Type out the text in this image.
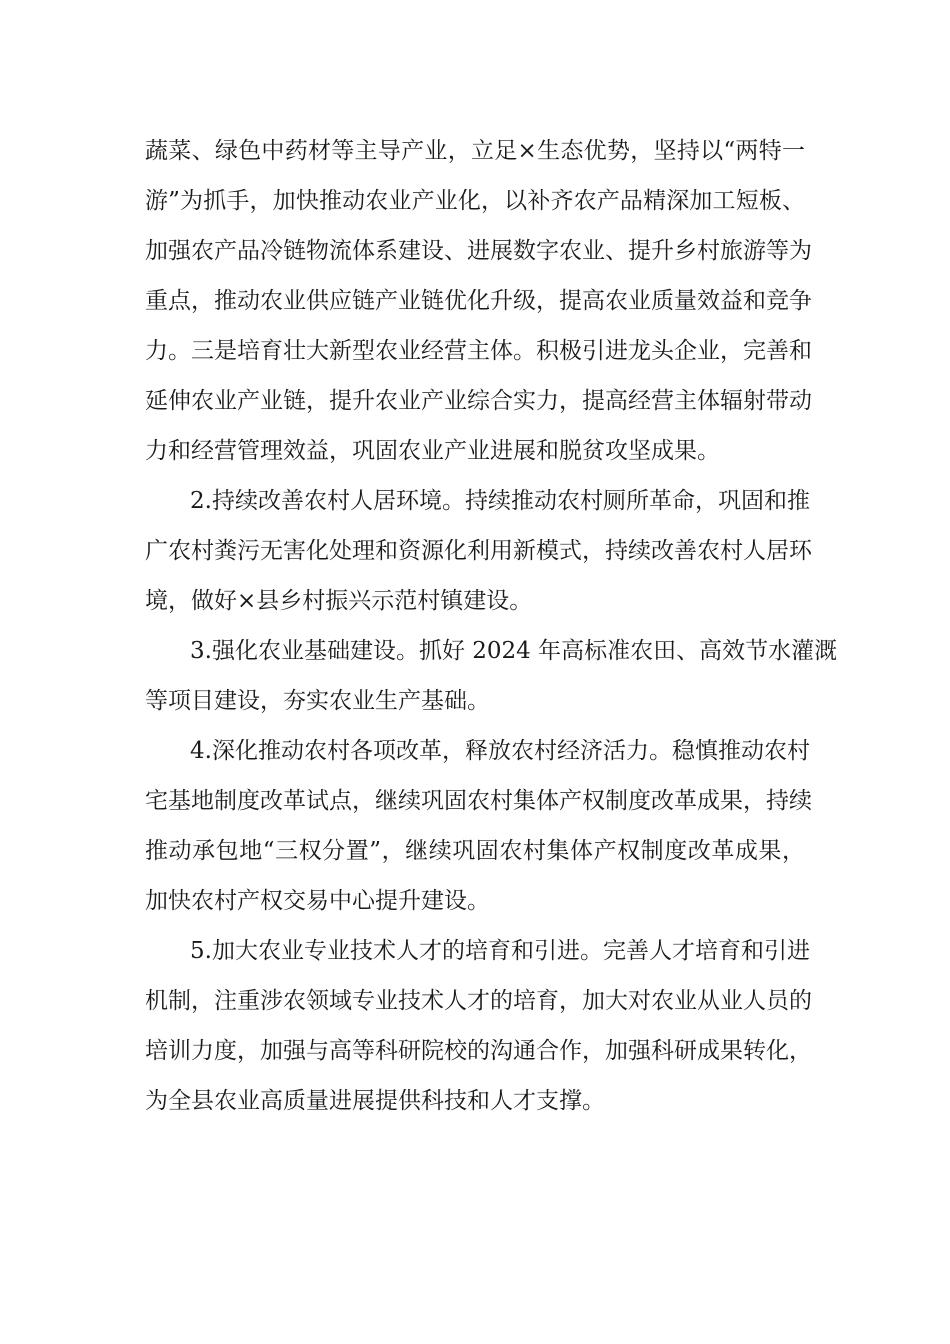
蔬菜、绿色中药材等主导产业，立足×生态优势，坚持以“两特一
游”为抓手，加快推动农业产业化，以补齐农产品精深加工短板、
加强农产品冷链物流体系建设、进展数字农业、提升乡村旅游等为
重点，推动农业供应链产业链优化升级，提高农业质量效益和竞争
力。三是培育壮大新型农业经营主体。积极引进龙头企业，完善和
延伸农业产业链，提升农业产业综合实力，提高经营主体辐射带动
力和经营管理效益，巩固农业产业进展和脱贫攻坚成果。
2.持续改善农村人居环境。持续推动农村厕所革命，巩固和推
广农村粪污无害化处理和资源化利用新模式，持续改善农村人居环
境，做好×县乡村振兴示范村镇建设。
3.强化农业基础建设。抓好 2024 年高标准农田、高效节水灌溉
等项目建设，夯实农业生产基础。
4.深化推动农村各项改革，释放农村经济活力。稳慎推动农村
宅基地制度改革试点，继续巩固农村集体产权制度改革成果，持续
推动承包地“三权分置”，继续巩固农村集体产权制度改革成果，
加快农村产权交易中心提升建设。
5.加大农业专业技术人才的培育和引进。完善人才培育和引进
机制，注重涉农领域专业技术人才的培育，加大对农业从业人员的
培训力度，加强与高等科研院校的沟通合作，加强科研成果转化，
为全县农业高质量进展提供科技和人才支撑。
